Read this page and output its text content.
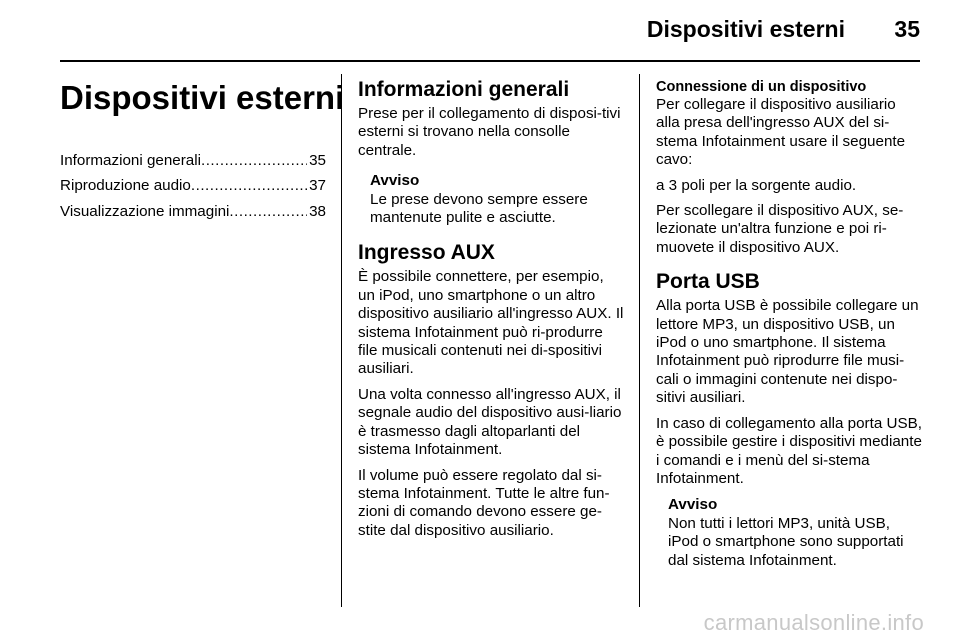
Dispositivi esterni 35
Dispositivi esterni
Informazioni generali .....	35
Riproduzione audio .....	37
Visualizzazione immagini .....	38
Informazioni generali

Prese per il collegamento di disposi-tivi esterni si trovano nella consolle centrale.

Avviso
Le prese devono sempre essere mantenute pulite e asciutte.
Ingresso AUX

È possibile connettere, per esempio, un iPod, uno smartphone o un altro dispositivo ausiliario all'ingresso AUX. Il sistema Infotainment può ri-produrre file musicali contenuti nei di-spositivi ausiliari.

Una volta connesso all'ingresso AUX, il segnale audio del dispositivo ausi-liario è trasmesso dagli altoparlanti del sistema Infotainment.

Il volume può essere regolato dal si-stema Infotainment. Tutte le altre fun-zioni di comando devono essere ge-stite dal dispositivo ausiliario.

Connessione di un dispositivo

Per collegare il dispositivo ausiliario alla presa dell'ingresso AUX del si-stema Infotainment usare il seguente cavo:

a 3 poli per la sorgente audio.

Per scollegare il dispositivo AUX, se-lezionate un'altra funzione e poi ri-muovete il dispositivo AUX.

Porta USB

Alla porta USB è possibile collegare un lettore MP3, un dispositivo USB, un iPod o uno smartphone. Il sistema Infotainment può riprodurre file musi-cali o immagini contenute nei dispo-sitivi ausiliari.

In caso di collegamento alla porta USB, è possibile gestire i dispositivi mediante i comandi e i menù del si-stema Infotainment.

Avviso
Non tutti i lettori MP3, unità USB, iPod o smartphone sono supportati dal sistema Infotainment.
carmanualsonline.info
